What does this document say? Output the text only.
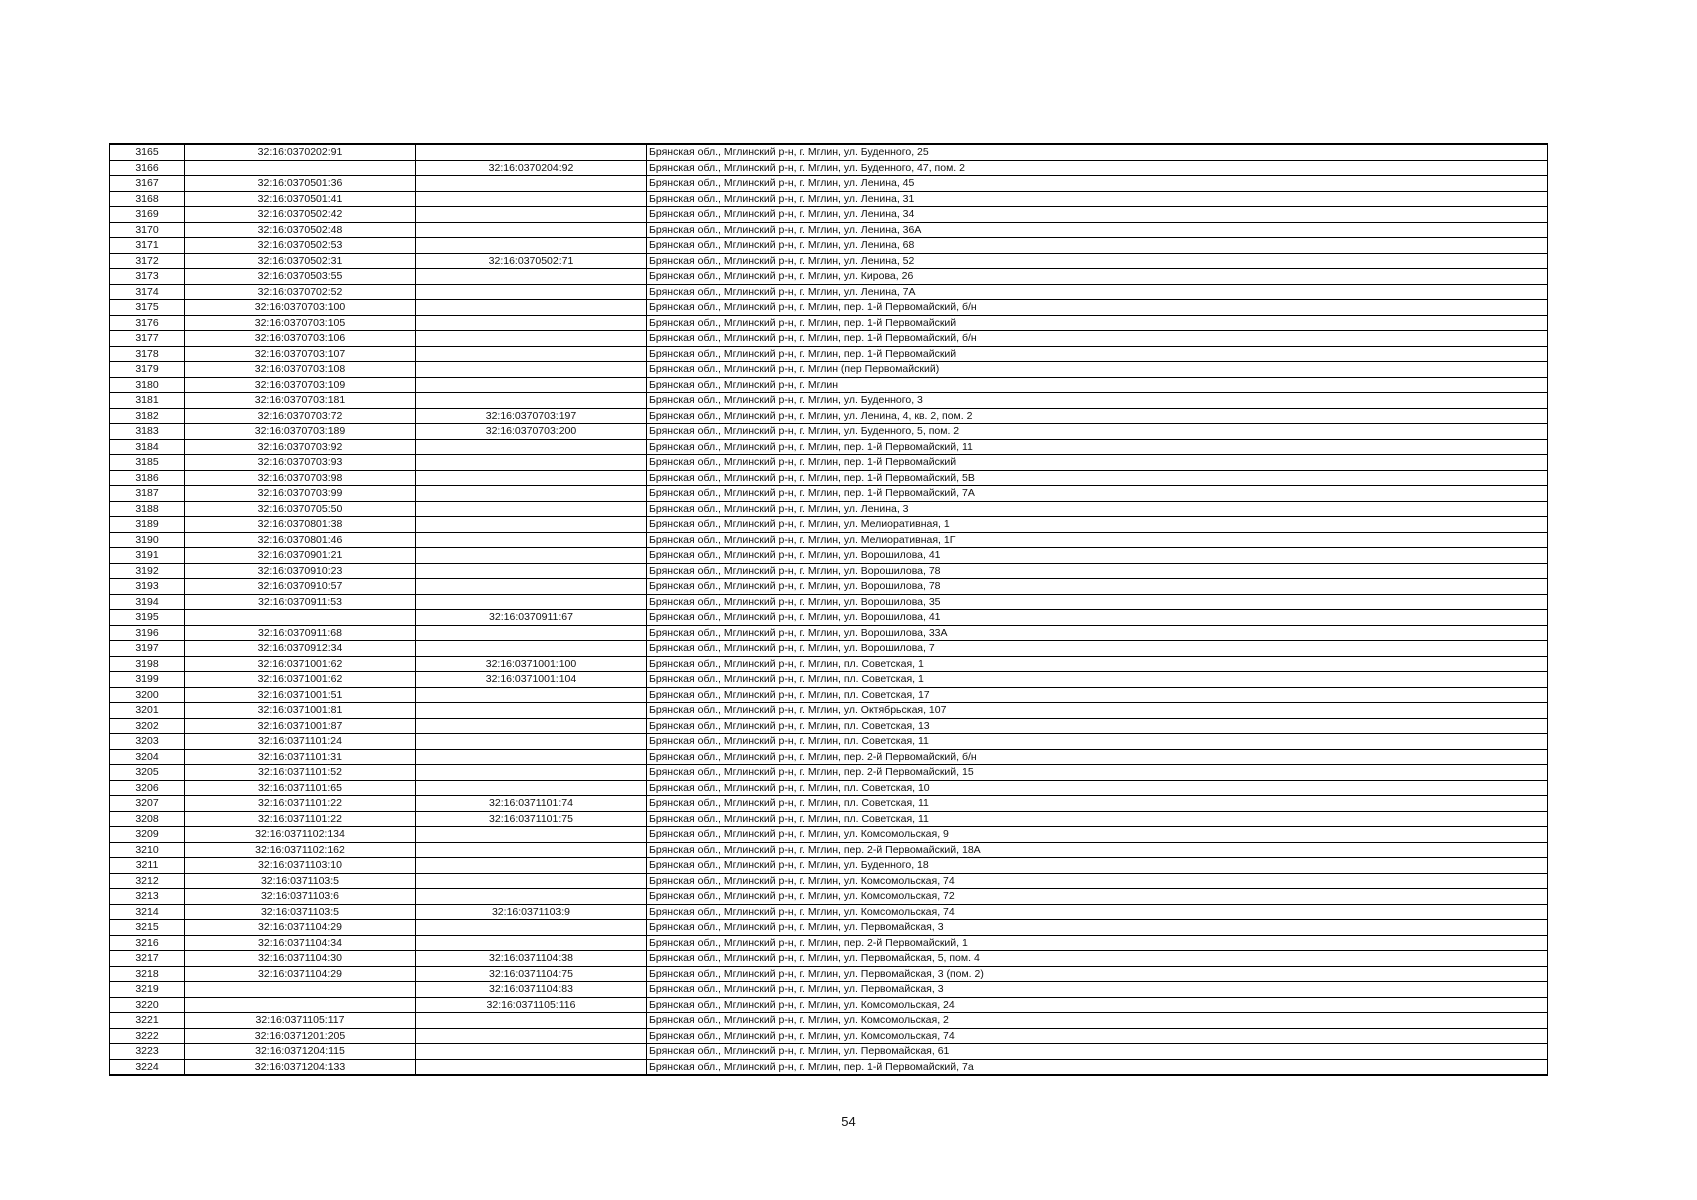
3165	32:16:0370202:91		Брянская обл., Мглинский р-н, г. Мглин, ул. Буденного, 25
3166		32:16:0370204:92	Брянская обл., Мглинский р-н, г. Мглин, ул. Буденного, 47, пом. 2
3167	32:16:0370501:36		Брянская обл., Мглинский р-н, г. Мглин, ул. Ленина, 45
3168	32:16:0370501:41		Брянская обл., Мглинский р-н, г. Мглин, ул. Ленина, 31
3169	32:16:0370502:42		Брянская обл., Мглинский р-н, г. Мглин, ул. Ленина, 34
3170	32:16:0370502:48		Брянская обл., Мглинский р-н, г. Мглин, ул. Ленина, 36А
3171	32:16:0370502:53		Брянская обл., Мглинский р-н, г. Мглин, ул. Ленина, 68
3172	32:16:0370502:31	32:16:0370502:71	Брянская обл., Мглинский р-н, г. Мглин, ул. Ленина, 52
3173	32:16:0370503:55		Брянская обл., Мглинский р-н, г. Мглин, ул. Кирова, 26
3174	32:16:0370702:52		Брянская обл., Мглинский р-н, г. Мглин, ул. Ленина, 7А
3175	32:16:0370703:100		Брянская обл., Мглинский р-н, г. Мглин, пер. 1-й Первомайский, б/н
3176	32:16:0370703:105		Брянская обл., Мглинский р-н, г. Мглин, пер. 1-й Первомайский
3177	32:16:0370703:106		Брянская обл., Мглинский р-н, г. Мглин, пер. 1-й Первомайский, б/н
3178	32:16:0370703:107		Брянская обл., Мглинский р-н, г. Мглин, пер. 1-й Первомайский
3179	32:16:0370703:108		Брянская обл., Мглинский р-н, г. Мглин (пер Первомайский)
3180	32:16:0370703:109		Брянская обл., Мглинский р-н, г. Мглин
3181	32:16:0370703:181		Брянская обл., Мглинский р-н, г. Мглин, ул. Буденного, 3
3182	32:16:0370703:72	32:16:0370703:197	Брянская обл., Мглинский р-н, г. Мглин, ул. Ленина, 4, кв. 2, пом. 2
3183	32:16:0370703:189	32:16:0370703:200	Брянская обл., Мглинский р-н, г. Мглин, ул. Буденного, 5, пом. 2
3184	32:16:0370703:92		Брянская обл., Мглинский р-н, г. Мглин, пер. 1-й Первомайский, 11
3185	32:16:0370703:93		Брянская обл., Мглинский р-н, г. Мглин, пер. 1-й Первомайский
3186	32:16:0370703:98		Брянская обл., Мглинский р-н, г. Мглин, пер. 1-й Первомайский, 5В
3187	32:16:0370703:99		Брянская обл., Мглинский р-н, г. Мглин, пер. 1-й Первомайский, 7А
3188	32:16:0370705:50		Брянская обл., Мглинский р-н, г. Мглин, ул. Ленина, 3
3189	32:16:0370801:38		Брянская обл., Мглинский р-н, г. Мглин, ул. Мелиоративная, 1
3190	32:16:0370801:46		Брянская обл., Мглинский р-н, г. Мглин, ул. Мелиоративная, 1Г
3191	32:16:0370901:21		Брянская обл., Мглинский р-н, г. Мглин, ул. Ворошилова, 41
3192	32:16:0370910:23		Брянская обл., Мглинский р-н, г. Мглин, ул. Ворошилова, 78
3193	32:16:0370910:57		Брянская обл., Мглинский р-н, г. Мглин, ул. Ворошилова, 78
3194	32:16:0370911:53		Брянская обл., Мглинский р-н, г. Мглин, ул. Ворошилова, 35
3195		32:16:0370911:67	Брянская обл., Мглинский р-н, г. Мглин, ул. Ворошилова, 41
3196	32:16:0370911:68		Брянская обл., Мглинский р-н, г. Мглин, ул. Ворошилова, 33А
3197	32:16:0370912:34		Брянская обл., Мглинский р-н, г. Мглин, ул. Ворошилова, 7
3198	32:16:0371001:62	32:16:0371001:100	Брянская обл., Мглинский р-н, г. Мглин, пл. Советская, 1
3199	32:16:0371001:62	32:16:0371001:104	Брянская обл., Мглинский р-н, г. Мглин, пл. Советская, 1
3200	32:16:0371001:51		Брянская обл., Мглинский р-н, г. Мглин, пл. Советская, 17
3201	32:16:0371001:81		Брянская обл., Мглинский р-н, г. Мглин, ул. Октябрьская, 107
3202	32:16:0371001:87		Брянская обл., Мглинский р-н, г. Мглин, пл. Советская, 13
3203	32:16:0371101:24		Брянская обл., Мглинский р-н, г. Мглин, пл. Советская, 11
3204	32:16:0371101:31		Брянская обл., Мглинский р-н, г. Мглин, пер. 2-й Первомайский, б/н
3205	32:16:0371101:52		Брянская обл., Мглинский р-н, г. Мглин, пер. 2-й Первомайский, 15
3206	32:16:0371101:65		Брянская обл., Мглинский р-н, г. Мглин, пл. Советская, 10
3207	32:16:0371101:22	32:16:0371101:74	Брянская обл., Мглинский р-н, г. Мглин, пл. Советская, 11
3208	32:16:0371101:22	32:16:0371101:75	Брянская обл., Мглинский р-н, г. Мглин, пл. Советская, 11
3209	32:16:0371102:134		Брянская обл., Мглинский р-н, г. Мглин, ул. Комсомольская, 9
3210	32:16:0371102:162		Брянская обл., Мглинский р-н, г. Мглин, пер. 2-й Первомайский, 18А
3211	32:16:0371103:10		Брянская обл., Мглинский р-н, г. Мглин, ул. Буденного, 18
3212	32:16:0371103:5		Брянская обл., Мглинский р-н, г. Мглин, ул. Комсомольская, 74
3213	32:16:0371103:6		Брянская обл., Мглинский р-н, г. Мглин, ул. Комсомольская, 72
3214	32:16:0371103:5	32:16:0371103:9	Брянская обл., Мглинский р-н, г. Мглин, ул. Комсомольская, 74
3215	32:16:0371104:29		Брянская обл., Мглинский р-н, г. Мглин, ул. Первомайская, 3
3216	32:16:0371104:34		Брянская обл., Мглинский р-н, г. Мглин, пер. 2-й Первомайский, 1
3217	32:16:0371104:30	32:16:0371104:38	Брянская обл., Мглинский р-н, г. Мглин, ул. Первомайская, 5, пом. 4
3218	32:16:0371104:29	32:16:0371104:75	Брянская обл., Мглинский р-н, г. Мглин, ул. Первомайская, 3 (пом. 2)
3219		32:16:0371104:83	Брянская обл., Мглинский р-н, г. Мглин, ул. Первомайская, 3
3220		32:16:0371105:116	Брянская обл., Мглинский р-н, г. Мглин, ул. Комсомольская, 24
3221	32:16:0371105:117		Брянская обл., Мглинский р-н, г. Мглин, ул. Комсомольская, 2
3222	32:16:0371201:205		Брянская обл., Мглинский р-н, г. Мглин, ул. Комсомольская, 74
3223	32:16:0371204:115		Брянская обл., Мглинский р-н, г. Мглин, ул. Первомайская, 61
3224	32:16:0371204:133		Брянская обл., Мглинский р-н, г. Мглин, пер. 1-й Первомайский, 7а
54
